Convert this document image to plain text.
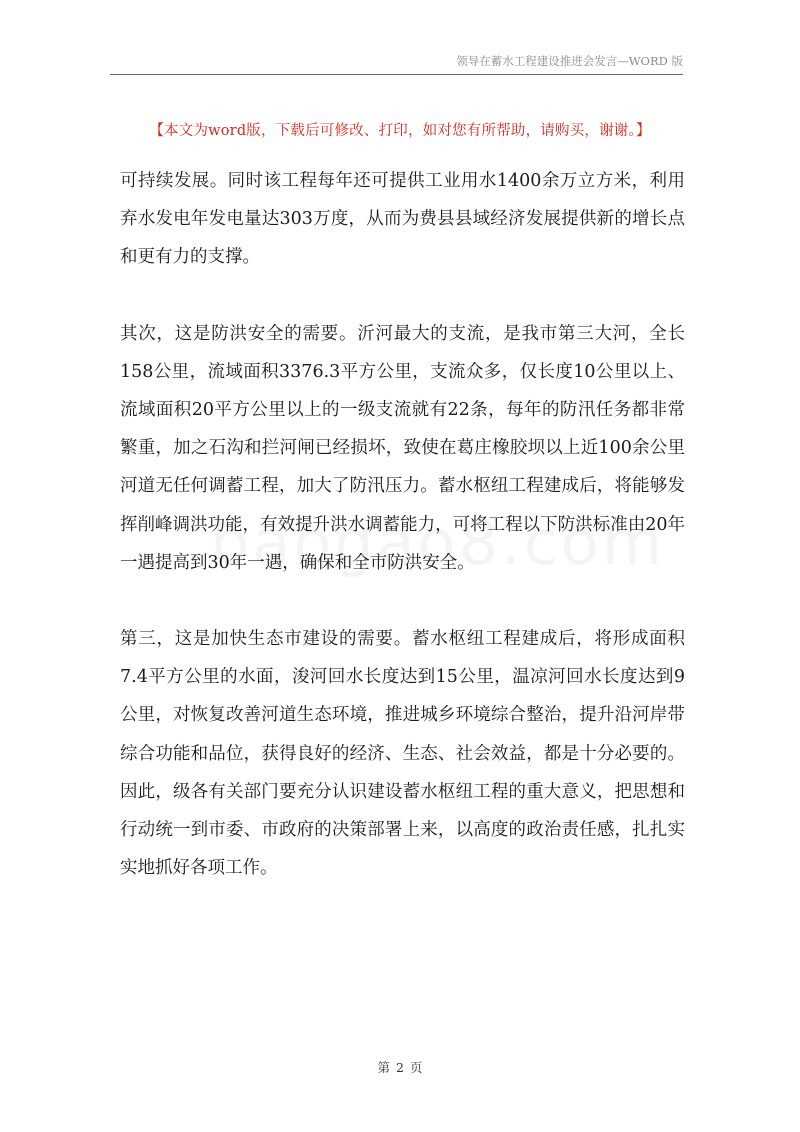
领导在蓄水工程建设推进会发言—WORD 版
【本文为word版，下载后可修改、打印，如对您有所帮助，请购买，谢谢。】

可持续发展。同时该工程每年还可提供工业用水1400余万立方米，利用弃水发电年发电量达303万度，从而为费县县域经济发展提供新的增长点和更有力的支撑。

其次，这是防洪安全的需要。沂河最大的支流，是我市第三大河，全长158公里，流域面积3376.3平方公里，支流众多，仅长度10公里以上、流域面积20平方公里以上的一级支流就有22条，每年的防汛任务都非常繁重，加之石沟和拦河闸已经损坏，致使在葛庄橡胶坝以上近100余公里河道无任何调蓄工程，加大了防汛压力。蓄水枢纽工程建成后，将能够发挥削峰调洪功能，有效提升洪水调蓄能力，可将工程以下防洪标准由20年一遇提高到30年一遇，确保和全市防洪安全。

第三，这是加快生态市建设的需要。蓄水枢纽工程建成后，将形成面积7.4平方公里的水面，浚河回水长度达到15公里，温凉河回水长度达到9公里，对恢复改善河道生态环境，推进城乡环境综合整治，提升沿河岸带综合功能和品位，获得良好的经济、生态、社会效益，都是十分必要的。因此，级各有关部门要充分认识建设蓄水枢纽工程的重大意义，把思想和行动统一到市委、市政府的决策部署上来，以高度的政治责任感，扎扎实实地抓好各项工作。

第 2 页
